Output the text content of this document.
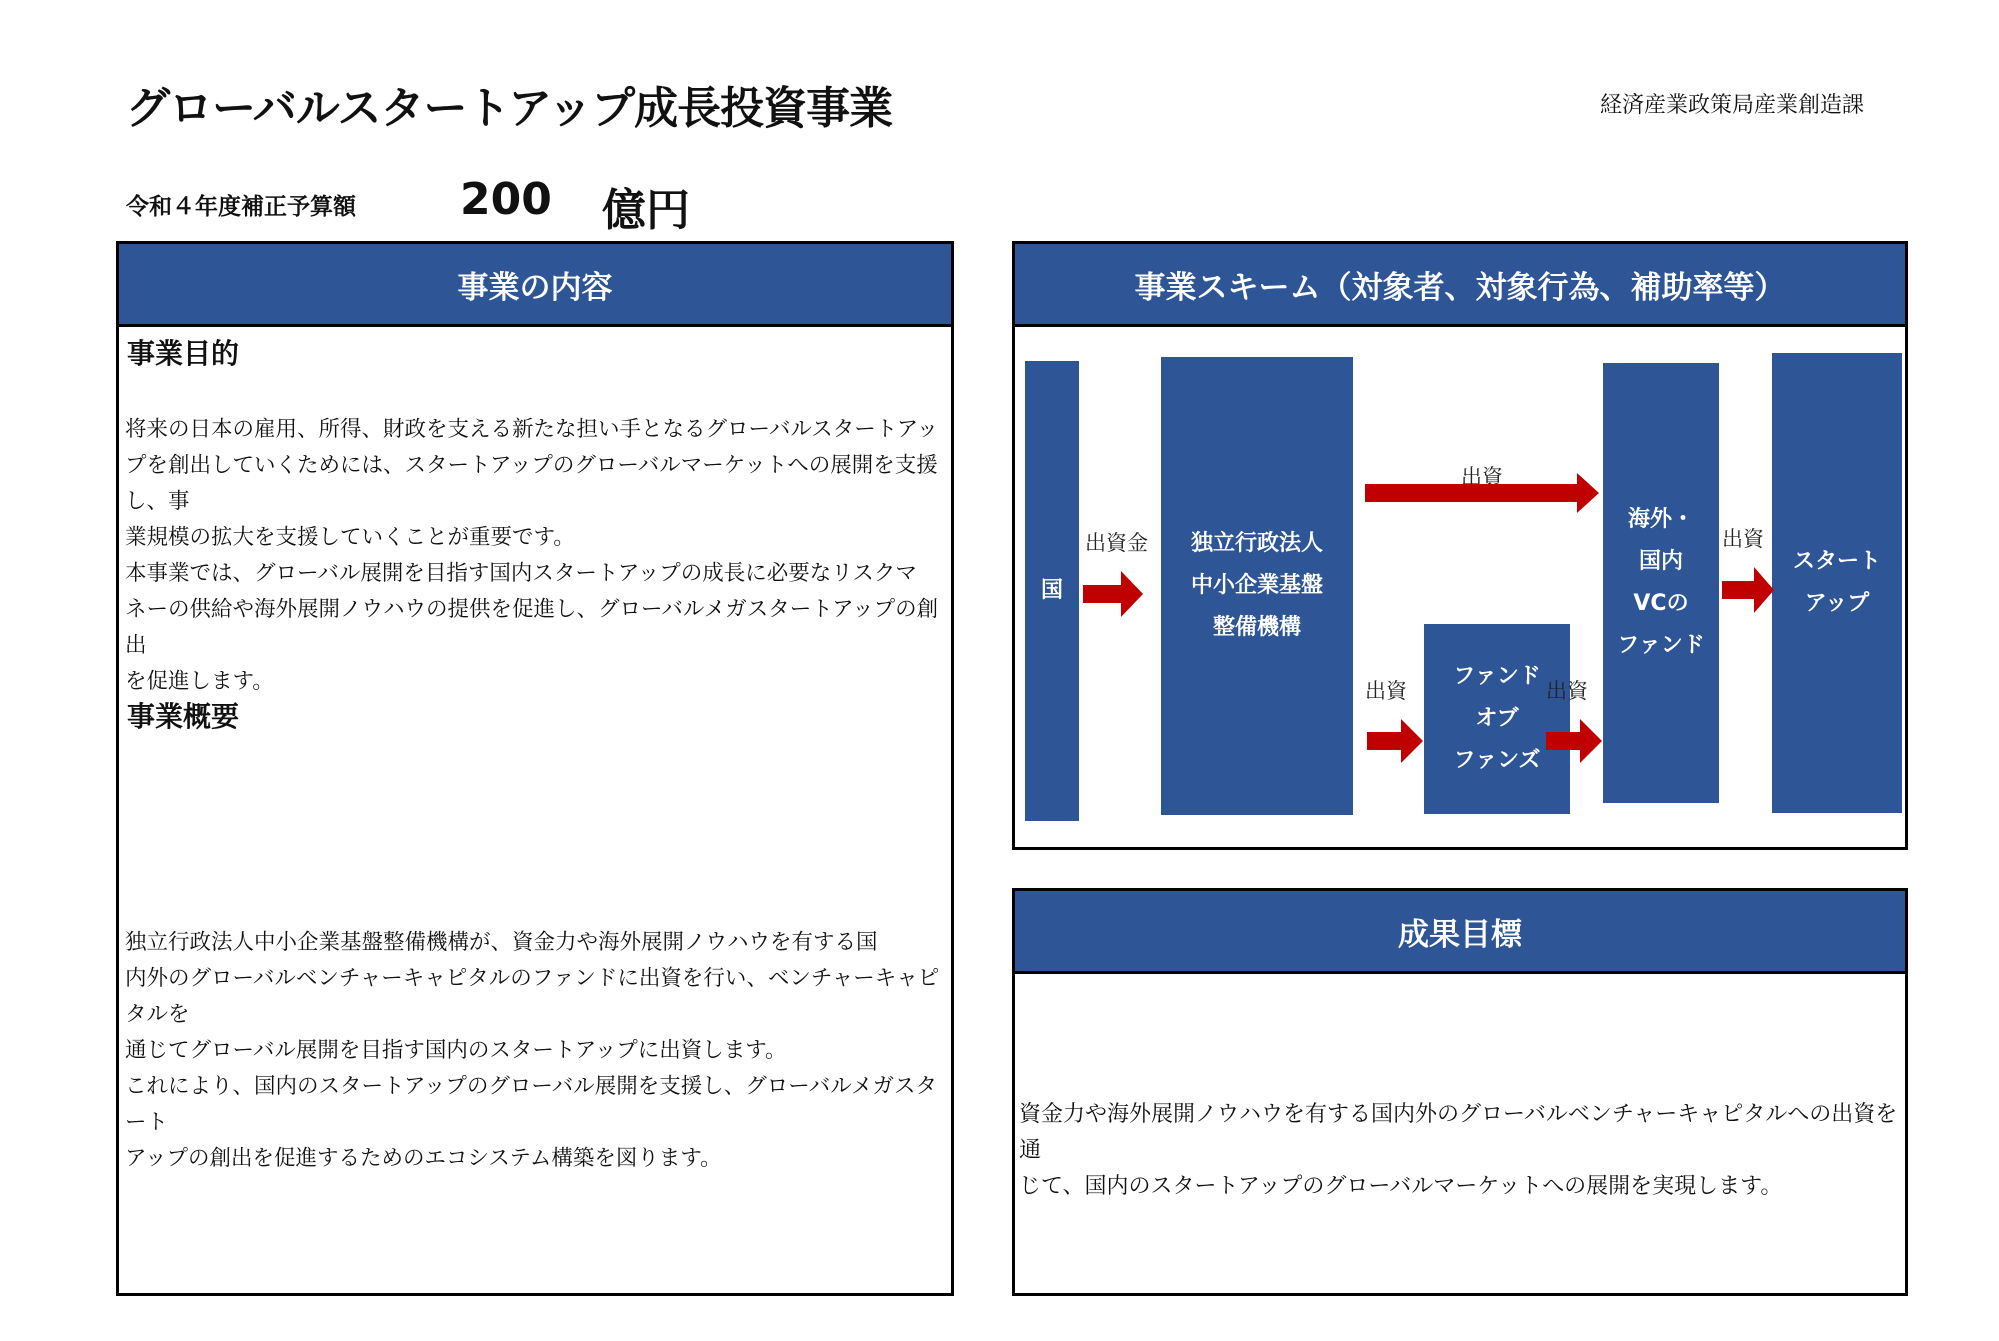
グローバルスタートアップ成長投資事業	経済産業政策局産業創造課
令和４年度補正予算額 200 億円
事業の内容
事業目的

将来の日本の雇用、所得、財政を支える新たな担い手となるグローバルスタートアッ

プを創出していくためには、スタートアップのグローバルマーケットへの展開を支援し、事

業規模の拡大を支援していくことが重要です。

本事業では、グローバル展開を目指す国内スタートアップの成長に必要なリスクマ

ネーの供給や海外展開ノウハウの提供を促進し、グローバルメガスタートアップの創出

を促進します。

事業概要

独立行政法人中小企業基盤整備機構が、資金力や海外展開ノウハウを有する国

内外のグローバルベンチャーキャピタルのファンドに出資を行い、ベンチャーキャピタルを

通じてグローバル展開を目指す国内のスタートアップに出資します。

これにより、国内のスタートアップのグローバル展開を支援し、グローバルメガスタート

アップの創出を促進するためのエコシステム構築を図ります。

事業スキーム（対象者、対象行為、補助率等）
国
独立行政法人
中小企業基盤
整備機構
ファンド
オブ
ファンズ
海外・
国内
VCの
ファンド
スタート
アップ
出資金
出資
出資	出資
出資
成果目標
資金力や海外展開ノウハウを有する国内外のグローバルベンチャーキャピタルへの出資を通
じて、国内のスタートアップのグローバルマーケットへの展開を実現します。
